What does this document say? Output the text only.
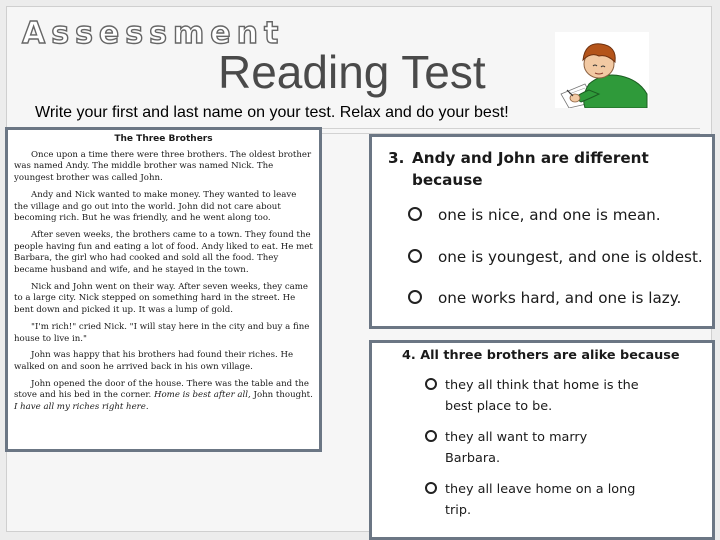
Assessment
Reading Test
Write your first and last name on your test. Relax and do your best!
The Three Brothers

Once upon a time there were three brothers. The oldest brother was named Andy. The middle brother was named Nick. The youngest brother was called John.

Andy and Nick wanted to make money. They wanted to leave the village and go out into the world. John did not care about becoming rich. But he was friendly, and he went along too.

After seven weeks, the brothers came to a town. They found the people having fun and eating a lot of food. Andy liked to eat. He met Barbara, the girl who had cooked and sold all the food. They became husband and wife, and he stayed in the town.

Nick and John went on their way. After seven weeks, they came to a large city. Nick stepped on something hard in the street. He bent down and picked it up. It was a lump of gold.

"I'm rich!" cried Nick. "I will stay here in the city and buy a fine house to live in."

John was happy that his brothers had found their riches. He walked on and soon he arrived back in his own village.

John opened the door of the house. There was the table and the stove and his bed in the corner. Home is best after all, John thought. I have all my riches right here.

3. Andy and John are different
because
one is nice, and one is mean.
one is youngest, and one is oldest.
one works hard, and one is lazy.
4. All three brothers are alike because
they all think that home is the
best place to be.
they all want to marry
Barbara.
they all leave home on a long
trip.
